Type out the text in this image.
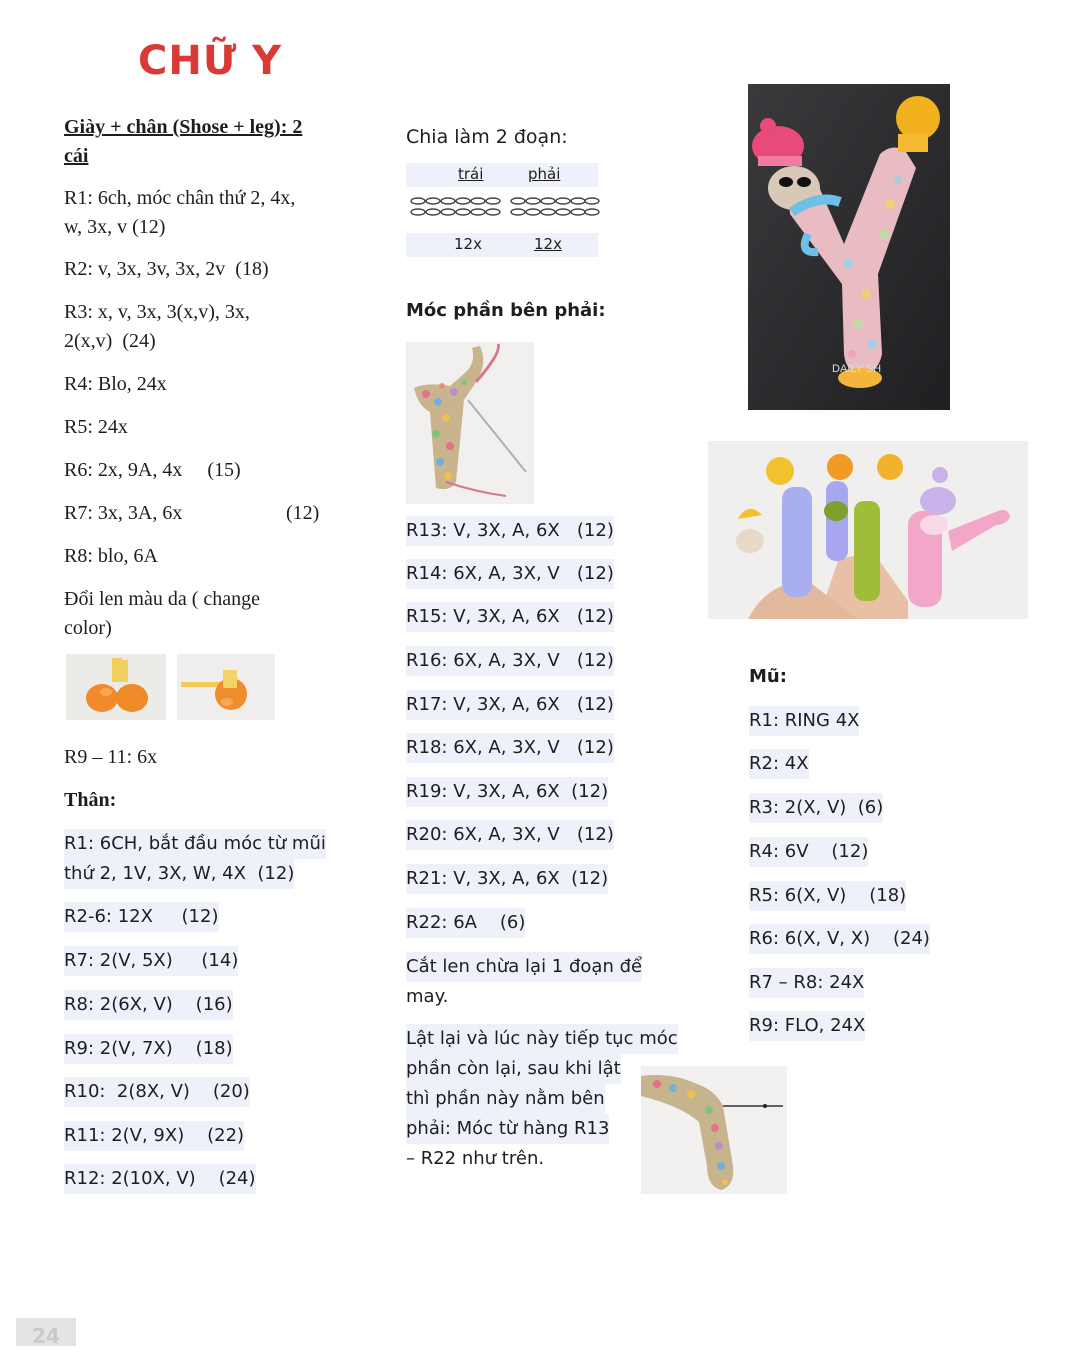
CHỮ Y
Giày + chân (Shose + leg): 2
cái
R1: 6ch, móc chân thứ 2, 4x,
w, 3x, v (12)
R2: v, 3x, 3v, 3x, 2v  (18)
R3: x, v, 3x, 3(x,v), 3x,
2(x,v)  (24)
R4: Blo, 24x
R5: 24x
R6: 2x, 9A, 4x     (15)
R7: 3x, 3A, 6x	(12)
R8: blo, 6A
Đổi len màu da ( change
color)
R9 – 11: 6x
Thân:
R1: 6CH, bắt đầu móc từ mũi
thứ 2, 1V, 3X, W, 4X  (12)
R2-6: 12X     (12)
R7: 2(V, 5X)     (14)
R8: 2(6X, V)    (16)
R9: 2(V, 7X)    (18)
R10:  2(8X, V)    (20)
R11: 2(V, 9X)    (22)
R12: 2(10X, V)    (24)
Chia làm 2 đoạn:
trái	phải
12x	12x
Móc phần bên phải:
R13: V, 3X, A, 6X   (12)
R14: 6X, A, 3X, V   (12)
R15: V, 3X, A, 6X   (12)
R16: 6X, A, 3X, V   (12)
R17: V, 3X, A, 6X   (12)
R18: 6X, A, 3X, V   (12)
R19: V, 3X, A, 6X  (12)
R20: 6X, A, 3X, V   (12)
R21: V, 3X, A, 6X  (12)
R22: 6A    (6)
Cắt len chừa lại 1 đoạn để
may.
Lật lại và lúc này tiếp tục móc
phần còn lại, sau khi lật
thì phần này nằm bên
phải: Móc từ hàng R13
– R22 như trên.
DAILY SH
Mũ:
R1: RING 4X
R2: 4X
R3: 2(X, V)  (6)
R4: 6V    (12)
R5: 6(X, V)    (18)
R6: 6(X, V, X)    (24)
R7 – R8: 24X
R9: FLO, 24X
24
